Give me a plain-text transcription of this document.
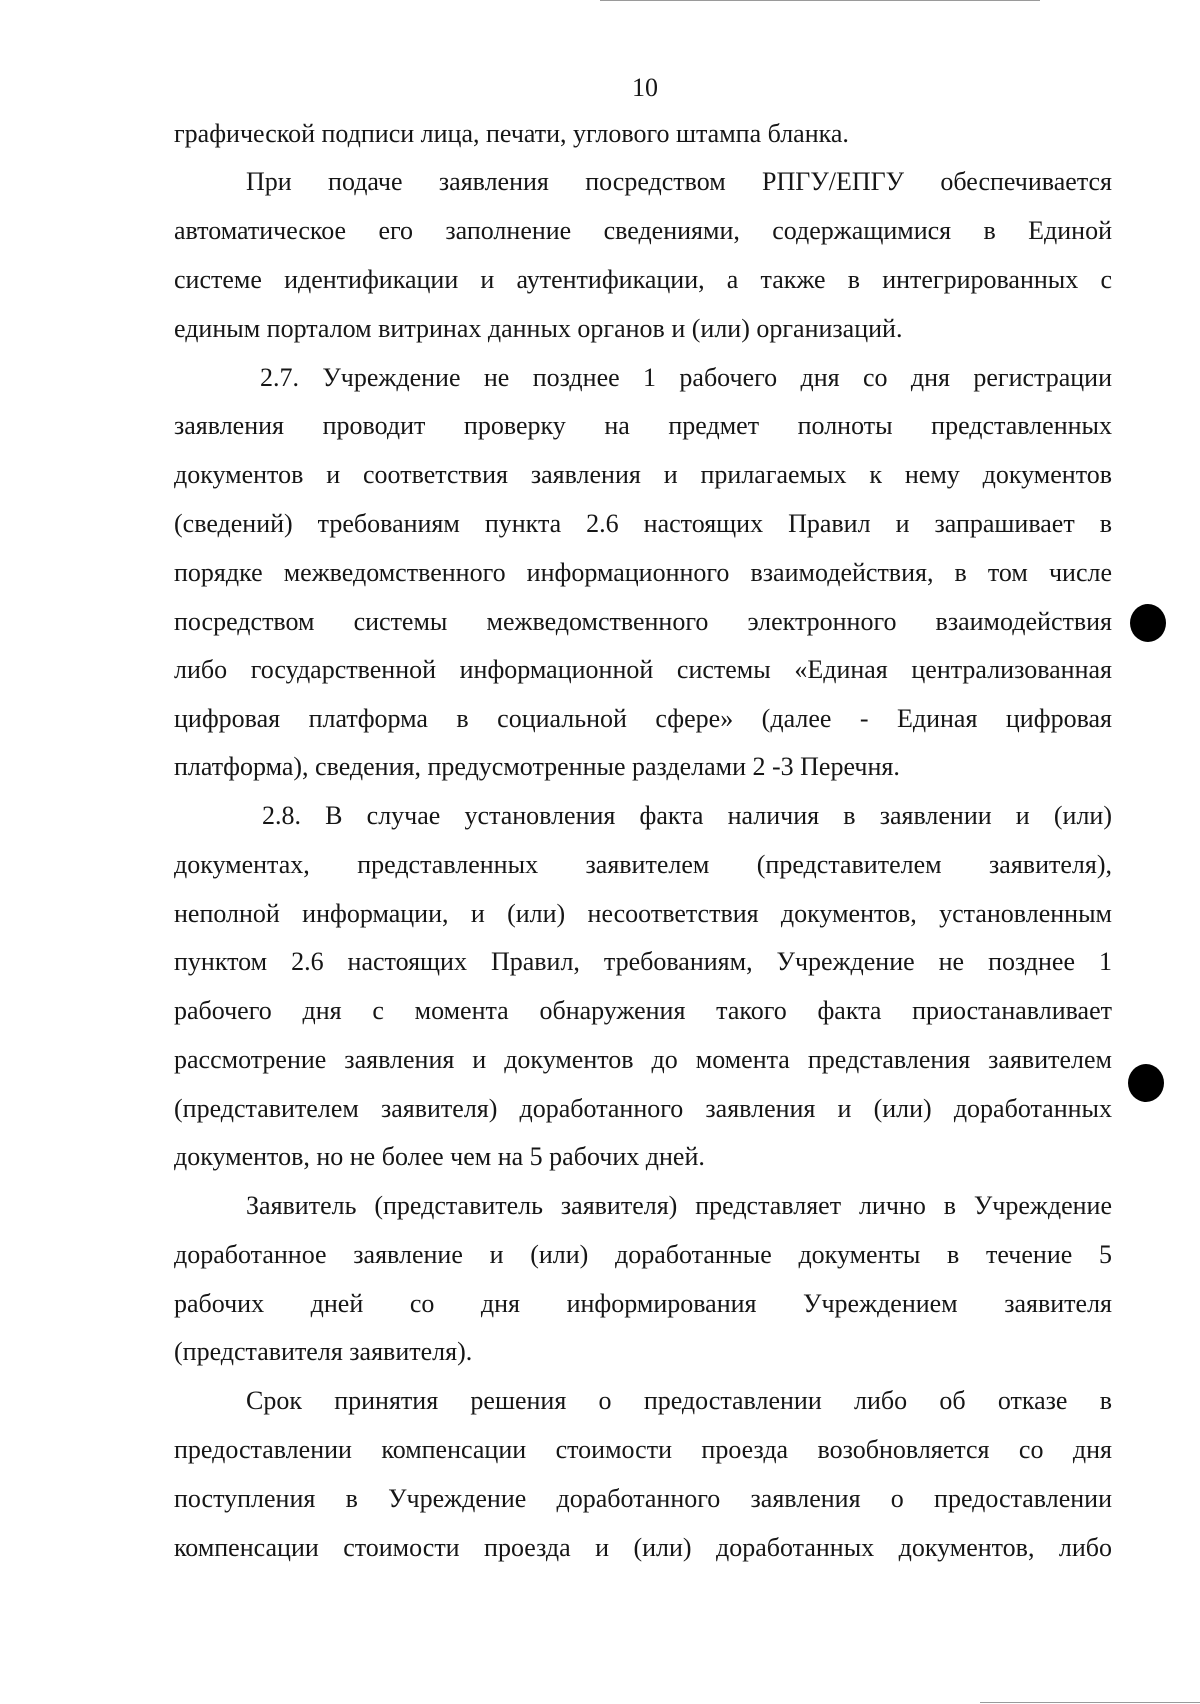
10
графической подписи лица, печати, углового штампа бланка.
При подаче заявления посредством РПГУ/ЕПГУ обеспечивается
автоматическое его заполнение сведениями, содержащимися в Единой
системе идентификации и аутентификации, а также в интегрированных с
единым порталом витринах данных органов и (или) организаций.
2.7. Учреждение не позднее 1 рабочего дня со дня регистрации
заявления проводит проверку на предмет полноты представленных
документов и соответствия заявления и прилагаемых к нему документов
(сведений) требованиям пункта 2.6 настоящих Правил и запрашивает в
порядке межведомственного информационного взаимодействия, в том числе
посредством системы межведомственного электронного взаимодействия
либо государственной информационной системы «Единая централизованная
цифровая платформа в социальной сфере» (далее - Единая цифровая
платформа), сведения, предусмотренные разделами 2 -3 Перечня.
2.8. В случае установления факта наличия в заявлении и (или)
документах, представленных заявителем (представителем заявителя),
неполной информации, и (или) несоответствия документов, установленным
пунктом 2.6 настоящих Правил, требованиям, Учреждение не позднее 1
рабочего дня с момента обнаружения такого факта приостанавливает
рассмотрение заявления и документов до момента представления заявителем
(представителем заявителя) доработанного заявления и (или) доработанных
документов, но не более чем на 5 рабочих дней.
Заявитель (представитель заявителя) представляет лично в Учреждение
доработанное заявление и (или) доработанные документы в течение 5
рабочих дней со дня информирования Учреждением заявителя
(представителя заявителя).
Срок принятия решения о предоставлении либо об отказе в
предоставлении компенсации стоимости проезда возобновляется со дня
поступления в Учреждение доработанного заявления о предоставлении
компенсации стоимости проезда и (или) доработанных документов, либо
